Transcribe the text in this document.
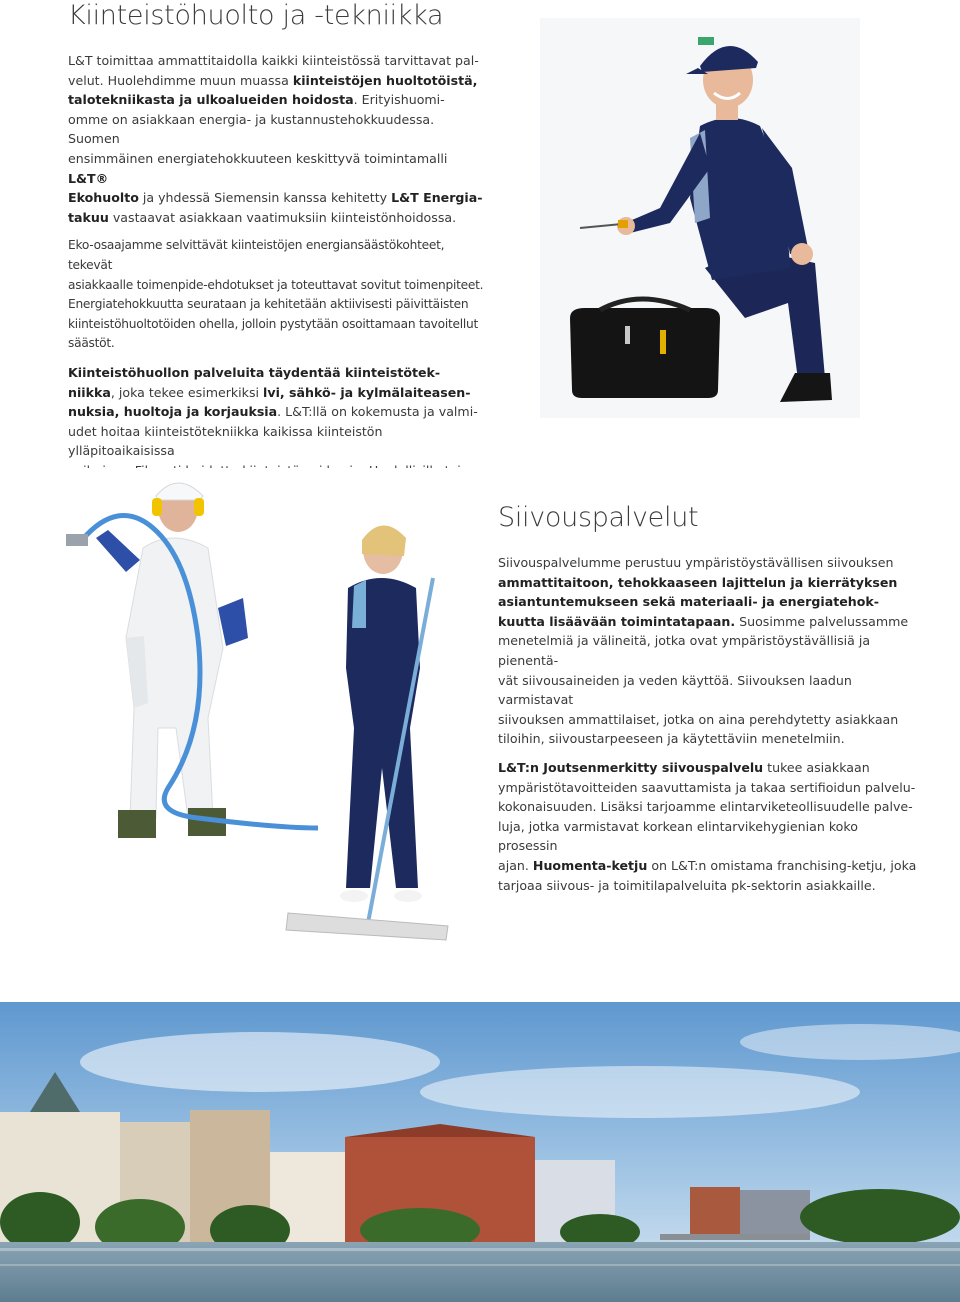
Kiinteistöhuolto ja -tekniikka

L&T toimittaa ammattitaidolla kaikki kiinteistössä tarvittavat pal-
velut. Huolehdimme muun muassa kiinteistöjen huoltotöistä,
talotekniikasta ja ulkoalueiden hoidosta. Erityishuomi-
omme on asiakkaan energia- ja kustannustehokkuudessa. Suomen
ensimmäinen energiatehokkuuteen keskittyvä toimintamalli L&T®
Ekohuolto ja yhdessä Siemensin kanssa kehitetty L&T Energia-
takuu vastaavat asiakkaan vaatimuksiin kiinteistönhoidossa.

Eko-osaajamme selvittävät kiinteistöjen energiansäästökohteet, tekevät
asiakkaalle toimenpide-ehdotukset ja toteuttavat sovitut toimenpiteet.
Energiatehokkuutta seurataan ja kehitetään aktiivisesti päivittäisten
kiinteistöhuoltotöiden ohella, jolloin pystytään osoittamaan tavoitellut
säästöt.

Kiinteistöhuollon palveluita täydentää kiinteistötek-
niikka, joka tekee esimerkiksi lvi, sähkö- ja kylmälaiteasen-
nuksia, huoltoja ja korjauksia. L&T:llä on kokemusta ja valmi-
udet hoitaa kiinteistötekniikka kaikissa kiinteistön ylläpitoaikaisissa

Siivouspalvelut

Siivouspalvelumme perustuu ympäristöystävällisen siivouksen
ammattitaitoon, tehokkaaseen lajittelun ja kierrätyksen
asiantuntemukseen sekä materiaali- ja energiatehok-
kuutta lisäävään toimintatapaan. Suosimme palvelussamme
menetelmiä ja välineitä, jotka ovat ympäristöystävällisiä ja pienentä-
vät siivousaineiden ja veden käyttöä. Siivouksen laadun varmistavat
siivouksen ammattilaiset, jotka on aina perehdytetty asiakkaan
tiloihin, siivoustarpeeseen ja käytettäviin menetelmiin.

L&T:n Joutsenmerkitty siivouspalvelu tukee asiakkaan
ympäristötavoitteiden saavuttamista ja takaa sertifioidun palvelu-
kokonaisuuden. Lisäksi tarjoamme elintarviketeollisuudelle palve-
luja, jotka varmistavat korkean elintarvikehygienian koko prosessin
ajan. Huomenta-ketju on L&T:n omistama franchising-ketju, joka
tarjoaa siivous- ja toimitilapalveluita pk-sektorin asiakkaille.
